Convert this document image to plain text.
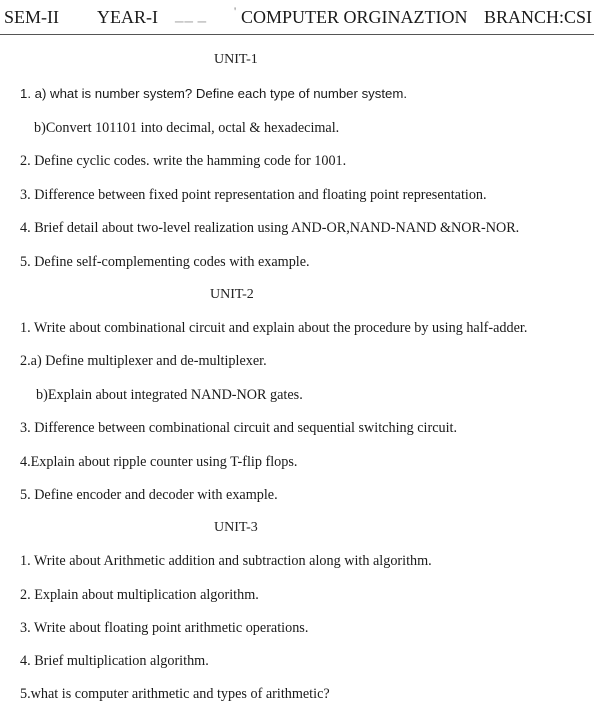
SEM-II YEAR-I ▁▁ ▁ ' COMPUTER ORGINAZTION BRANCH:CSI
UNIT-1
1. a) what is number system? Define each type of number system.
b)Convert 101101 into decimal, octal & hexadecimal.
2. Define cyclic codes. write the hamming code for 1001.
3. Difference between fixed point representation and floating point representation.
4. Brief detail about two-level realization using AND-OR,NAND-NAND &NOR-NOR.
5. Define self-complementing codes with example.
UNIT-2
1. Write about combinational circuit and explain about the procedure by using half-adder.
2.a) Define multiplexer and de-multiplexer.
b)Explain about integrated NAND-NOR gates.
3. Difference between combinational circuit and sequential switching circuit.
4.Explain about ripple counter using T-flip flops.
5. Define encoder and decoder with example.
UNIT-3
1. Write about Arithmetic addition and subtraction along with algorithm.
2. Explain about multiplication algorithm.
3. Write about floating point arithmetic operations.
4. Brief multiplication algorithm.
5.what is computer arithmetic and types of arithmetic?
